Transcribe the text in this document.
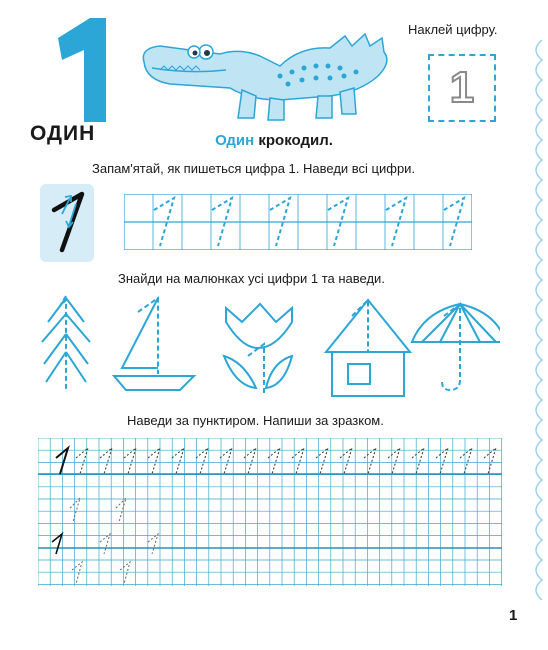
ОДИН	Один крокодил.
Наклей цифру.
1
Запам'ятай, як пишеться цифра 1. Наведи всі цифри.
Знайди на малюнках усі цифри 1 та наведи.
Наведи за пунктиром. Напиши за зразком.
1
